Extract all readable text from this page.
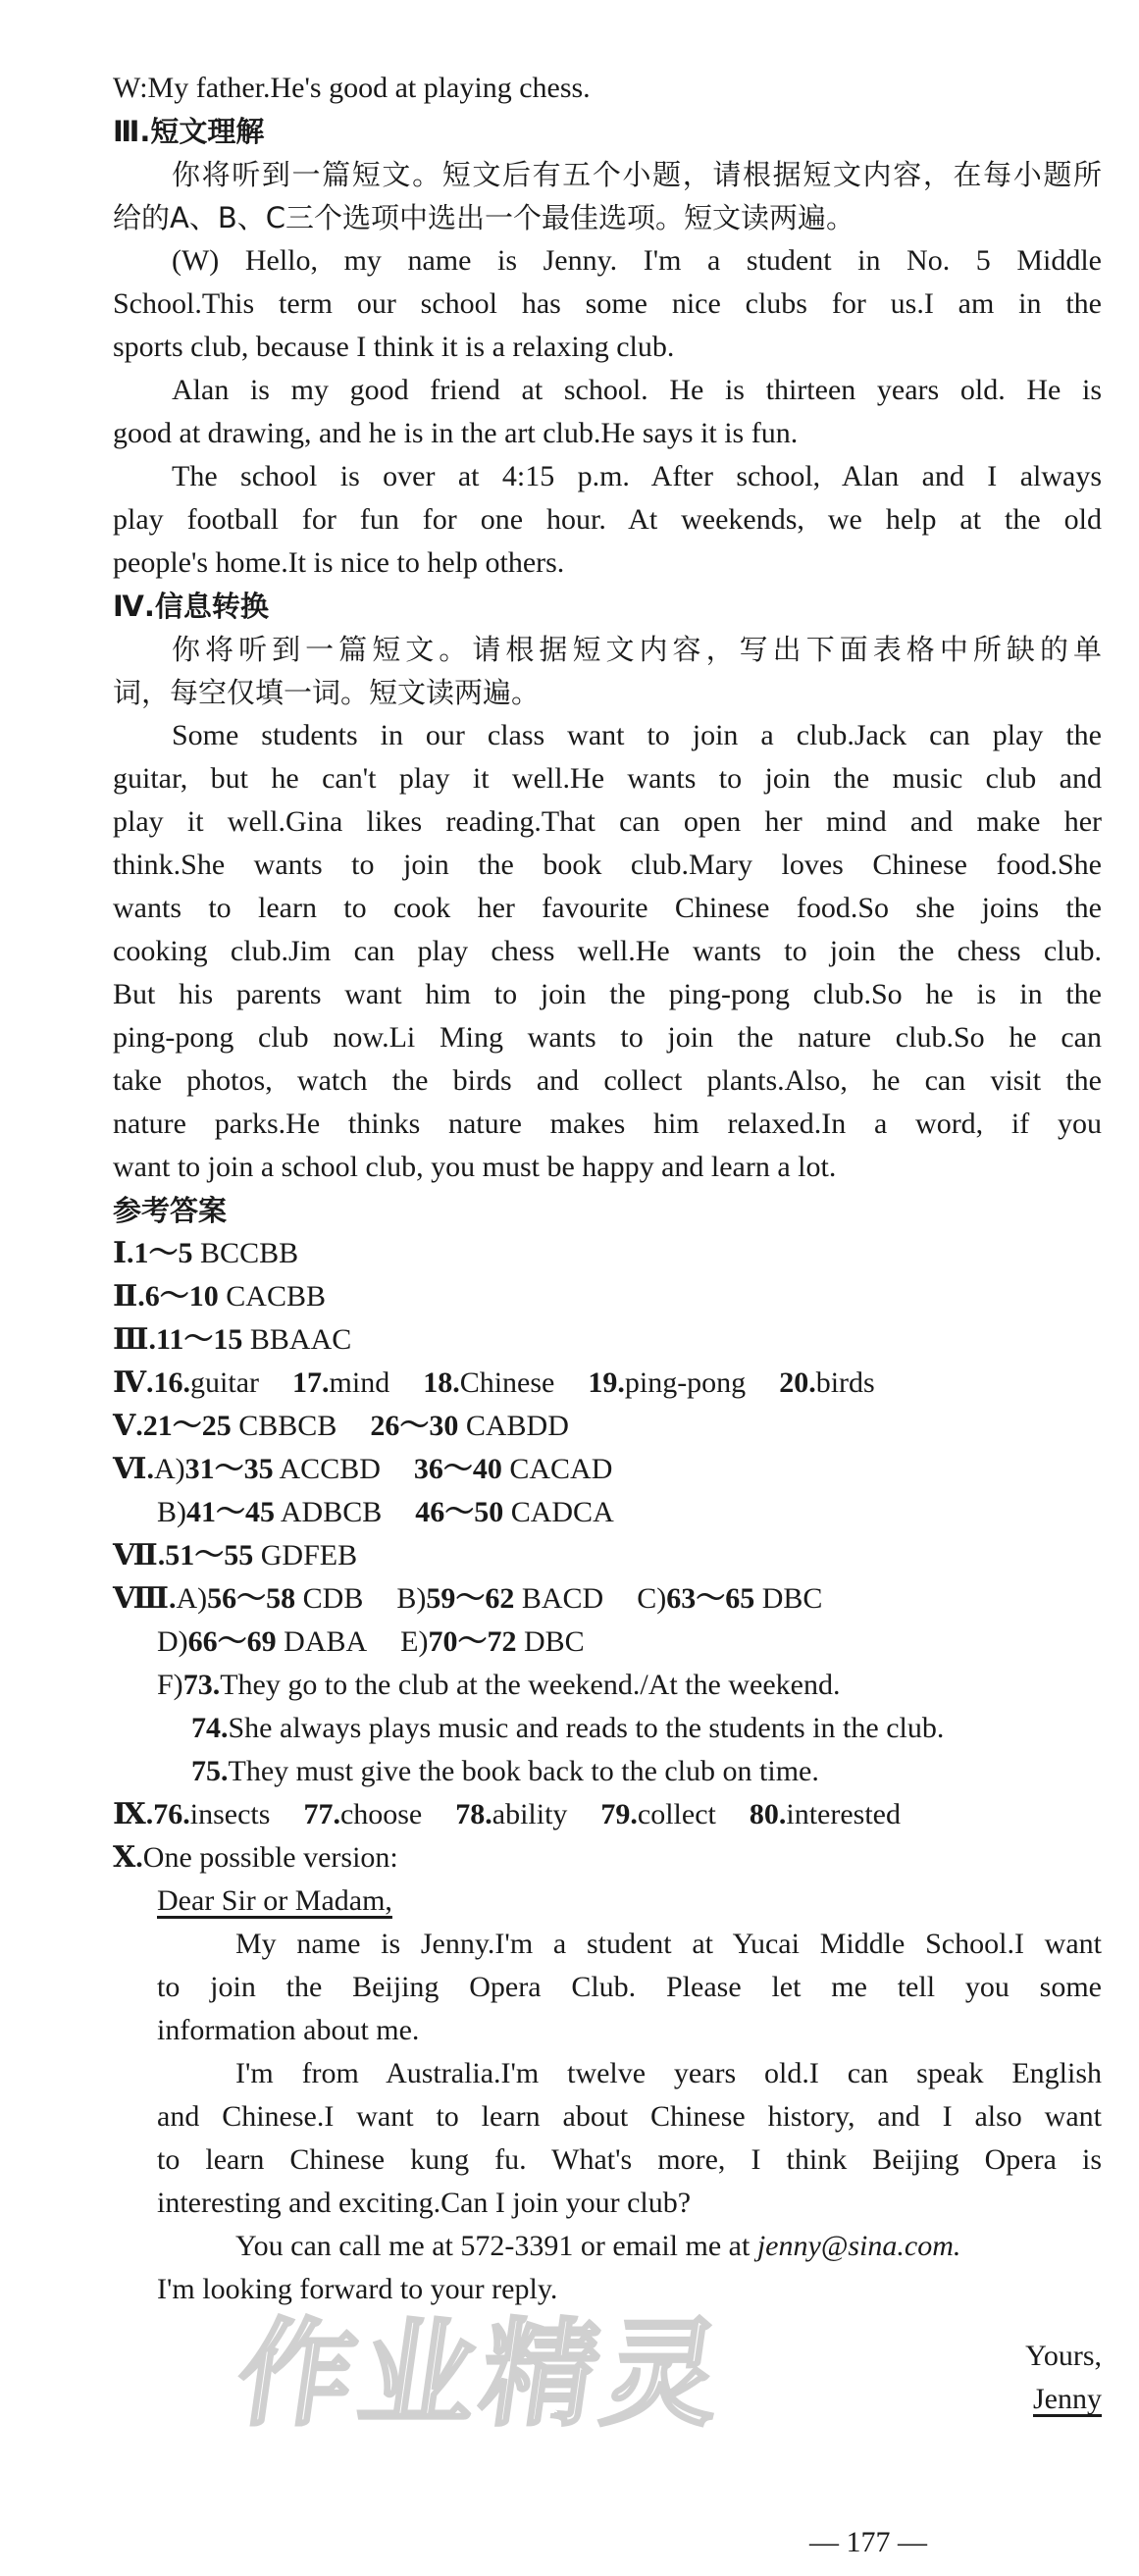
W:My father.He's good at playing chess.
Ⅲ.短文理解
你将听到一篇短文。短文后有五个小题，请根据短文内容，在每小题所
给的A、B、C三个选项中选出一个最佳选项。短文读两遍。
(W) Hello, my name is Jenny. I'm a student in No. 5 Middle
School.This term our school has some nice clubs for us.I am in the
sports club, because I think it is a relaxing club.
Alan is my good friend at school. He is thirteen years old. He is
good at drawing, and he is in the art club.He says it is fun.
The school is over at 4:15 p.m. After school, Alan and I always
play football for fun for one hour. At weekends, we help at the old
people's home.It is nice to help others.
Ⅳ.信息转换
你将听到一篇短文。请根据短文内容，写出下面表格中所缺的单
词，每空仅填一词。短文读两遍。
Some students in our class want to join a club.Jack can play the
guitar, but he can't play it well.He wants to join the music club and
play it well.Gina likes reading.That can open her mind and make her
think.She wants to join the book club.Mary loves Chinese food.She
wants to learn to cook her favourite Chinese food.So she joins the
cooking club.Jim can play chess well.He wants to join the chess club.
But his parents want him to join the ping-pong club.So he is in the
ping-pong club now.Li Ming wants to join the nature club.So he can
take photos, watch the birds and collect plants.Also, he can visit the
nature parks.He thinks nature makes him relaxed.In a word, if you
want to join a school club, you must be happy and learn a lot.
参考答案
Ⅰ.1～5 BCCBB
Ⅱ.6～10 CACBB
Ⅲ.11～15 BBAAC
Ⅳ.16.guitar 17.mind 18.Chinese 19.ping-pong 20.birds
Ⅴ.21～25 CBBCB 26～30 CABDD
Ⅵ.A)31～35 ACCBD 36～40 CACAD
B)41～45 ADBCB 46～50 CADCA
Ⅶ.51～55 GDFEB
Ⅷ.A)56～58 CDB B)59～62 BACD C)63～65 DBC
D)66～69 DABA E)70～72 DBC
F)73.They go to the club at the weekend./At the weekend.
74.She always plays music and reads to the students in the club.
75.They must give the book back to the club on time.
Ⅸ.76.insects 77.choose 78.ability 79.collect 80.interested
Ⅹ.One possible version:
Dear Sir or Madam,
My name is Jenny.I'm a student at Yucai Middle School.I want
to join the Beijing Opera Club. Please let me tell you some
information about me.
I'm from Australia.I'm twelve years old.I can speak English
and Chinese.I want to learn about Chinese history, and I also want
to learn Chinese kung fu. What's more, I think Beijing Opera is
interesting and exciting.Can I join your club?
You can call me at 572-3391 or email me at jenny@sina.com.
I'm looking forward to your reply.
Yours,
Jenny
作业精灵
— 177 —
